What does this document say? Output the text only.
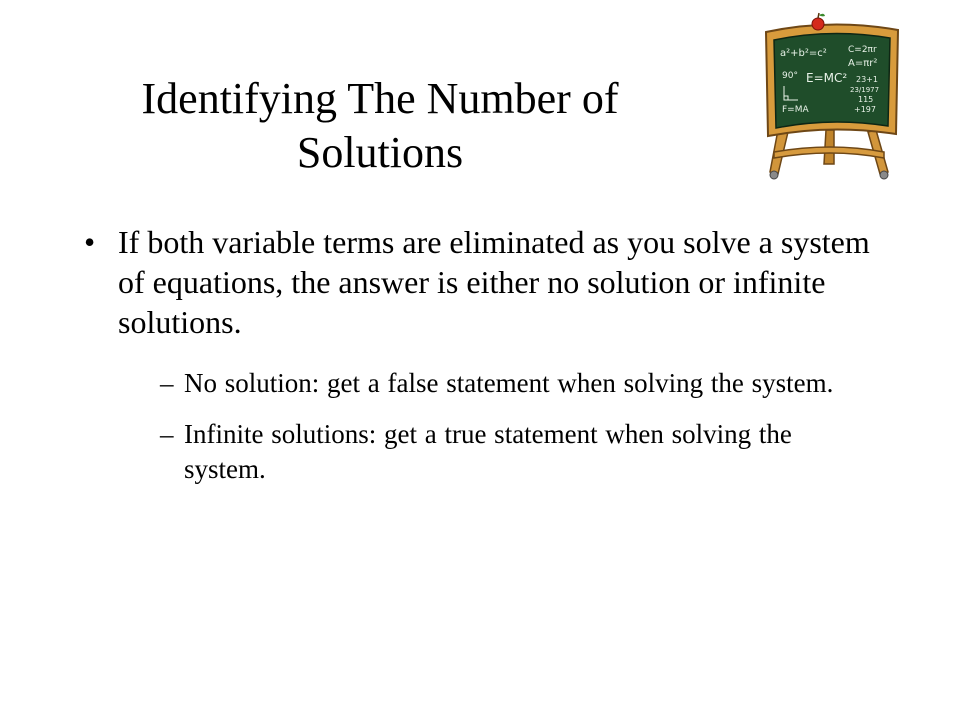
Identifying The Number of
Solutions
a²+b²=c² C=2πr
A=πr²
90° E=MC² 23+1
23/1977
115
+197
F=MA
• If both variable terms are eliminated as you solve a system of equations, the answer is either no solution or infinite solutions.
– No solution: get a false statement when solving the system.
– Infinite solutions: get a true statement when solving the system.
